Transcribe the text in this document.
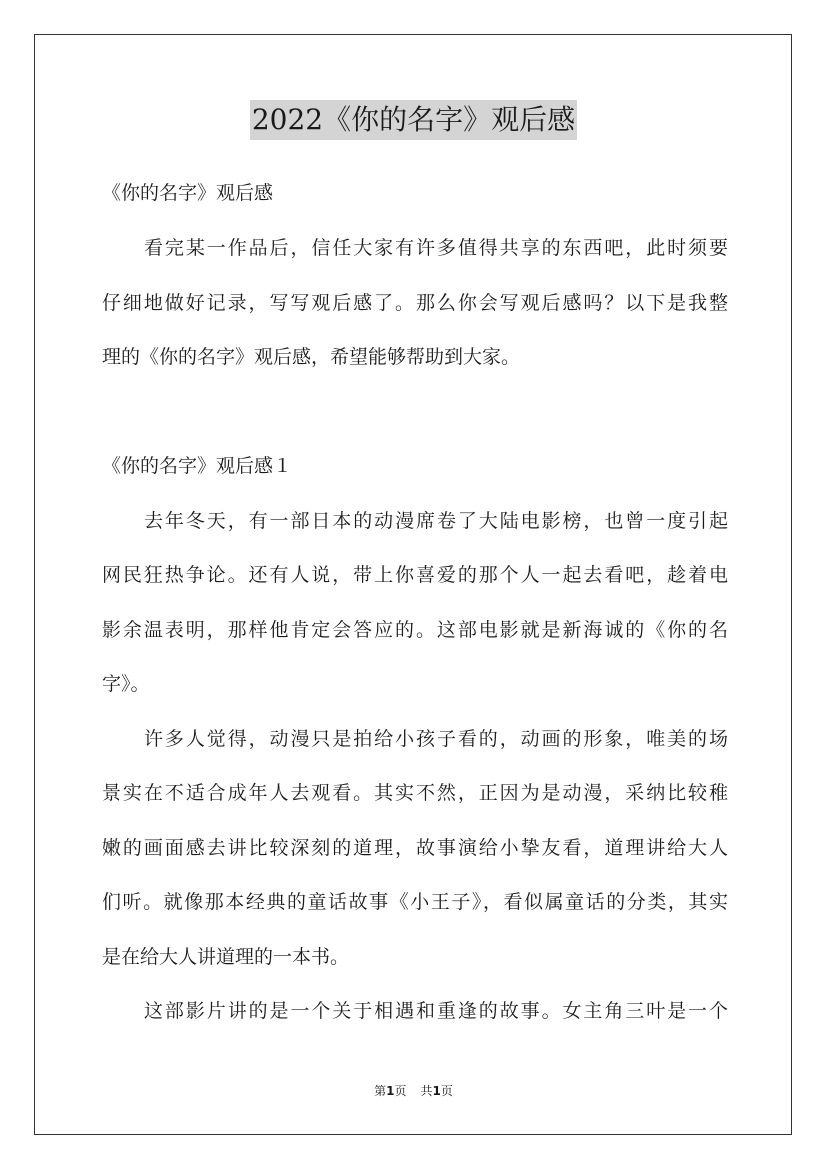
2022《你的名字》观后感
《你的名字》观后感
看完某一作品后，信任大家有许多值得共享的东西吧，此时须要
仔细地做好记录，写写观后感了。那么你会写观后感吗？以下是我整
理的《你的名字》观后感，希望能够帮助到大家。
《你的名字》观后感１
去年冬天，有一部日本的动漫席卷了大陆电影榜，也曾一度引起
网民狂热争论。还有人说，带上你喜爱的那个人一起去看吧，趁着电
影余温表明，那样他肯定会答应的。这部电影就是新海诚的《你的名
字》。
许多人觉得，动漫只是拍给小孩子看的，动画的形象，唯美的场
景实在不适合成年人去观看。其实不然，正因为是动漫，采纳比较稚
嫩的画面感去讲比较深刻的道理，故事演给小挚友看，道理讲给大人
们听。就像那本经典的童话故事《小王子》，看似属童话的分类，其实
是在给大人讲道理的一本书。
这部影片讲的是一个关于相遇和重逢的故事。女主角三叶是一个
第1页 共1页
